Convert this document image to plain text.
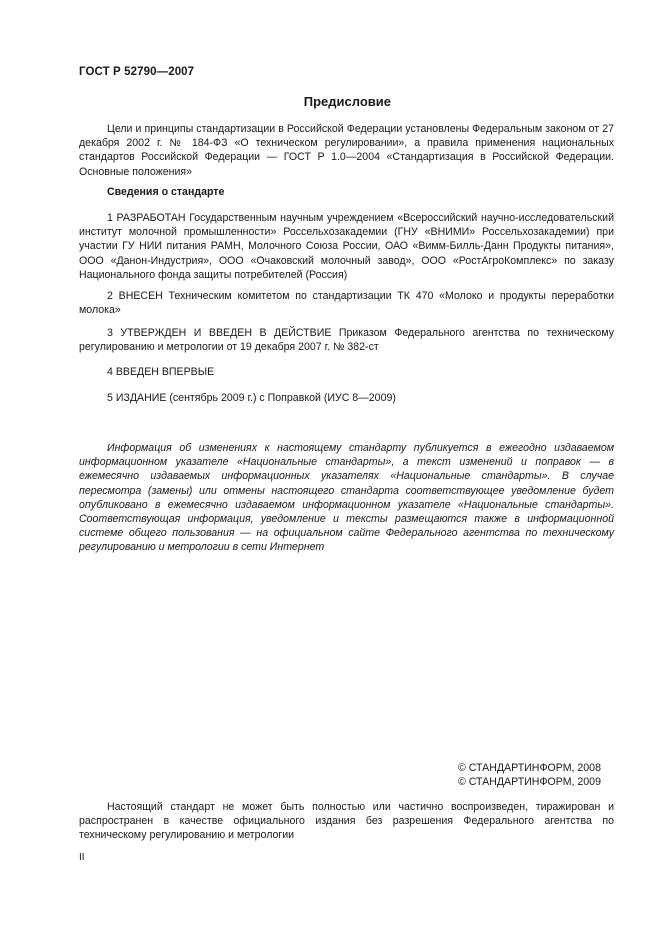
ГОСТ Р 52790—2007
Предисловие

Цели и принципы стандартизации в Российской Федерации установлены Федеральным законом от 27 декабря 2002 г. № 184-ФЗ «О техническом регулировании», а правила применения национальных стандартов Российской Федерации — ГОСТ Р 1.0—2004 «Стандартизация в Российской Федерации. Основные положения»

Сведения о стандарте

1 РАЗРАБОТАН Государственным научным учреждением «Всероссийский научно-исследовательский институт молочной промышленности» Россельхозакадемии (ГНУ «ВНИМИ» Россельхозакадемии) при участии ГУ НИИ питания РАМН, Молочного Союза России, ОАО «Вимм-Билль-Данн Продукты питания», ООО «Данон-Индустрия», ООО «Очаковский молочный завод», ООО «РостАгроКомплекс» по заказу Национального фонда защиты потребителей (Россия)

2 ВНЕСЕН Техническим комитетом по стандартизации ТК 470 «Молоко и продукты переработки молока»

3 УТВЕРЖДЕН И ВВЕДЕН В ДЕЙСТВИЕ Приказом Федерального агентства по техническому регулированию и метрологии от 19 декабря 2007 г. № 382-ст

4 ВВЕДЕН ВПЕРВЫЕ
5 ИЗДАНИЕ (сентябрь 2009 г.) с Поправкой (ИУС 8—2009)

Информация об изменениях к настоящему стандарту публикуется в ежегодно издаваемом информационном указателе «Национальные стандарты», а текст изменений и поправок — в ежемесячно издаваемых информационных указателях «Национальные стандарты». В случае пересмотра (замены) или отмены настоящего стандарта соответствующее уведомление будет опубликовано в ежемесячно издаваемом информационном указателе «Национальные стандарты». Соответствующая информация, уведомление и тексты размещаются также в информационной системе общего пользования — на официальном сайте Федерального агентства по техническому регулированию и метрологии в сети Интернет

© СТАНДАРТИНФОРМ, 2008
© СТАНДАРТИНФОРМ, 2009

Настоящий стандарт не может быть полностью или частично воспроизведен, тиражирован и распространен в качестве официального издания без разрешения Федерального агентства по техническому регулированию и метрологии

II
